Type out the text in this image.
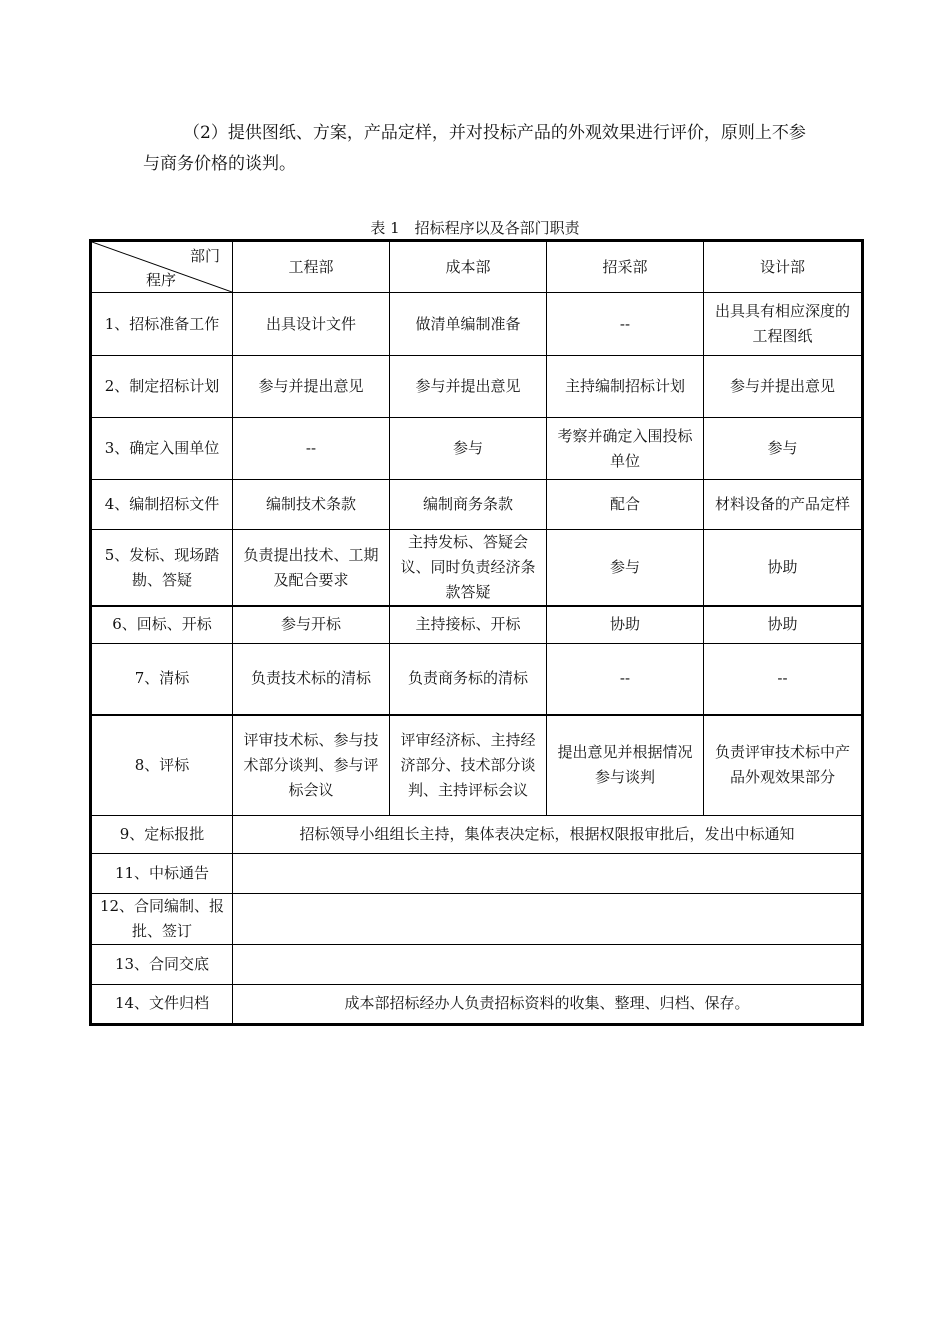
（2）提供图纸、方案，产品定样，并对投标产品的外观效果进行评价，原则上不参与商务价格的谈判。
表 1　招标程序以及各部门职责
部门
程序	工程部	成本部	招采部	设计部
1、招标准备工作	出具设计文件	做清单编制准备	--	出具具有相应深度的工程图纸
2、制定招标计划	参与并提出意见	参与并提出意见	主持编制招标计划	参与并提出意见
3、确定入围单位	--	参与	考察并确定入围投标单位	参与
4、编制招标文件	编制技术条款	编制商务条款	配合	材料设备的产品定样
5、发标、现场踏勘、答疑	负责提出技术、工期及配合要求	主持发标、答疑会议、同时负责经济条款答疑	参与	协助
6、回标、开标	参与开标	主持接标、开标	协助	协助
7、清标	负责技术标的清标	负责商务标的清标	--	--
8、评标	评审技术标、参与技术部分谈判、参与评标会议	评审经济标、主持经济部分、技术部分谈判、主持评标会议	提出意见并根据情况参与谈判	负责评审技术标中产品外观效果部分
9、定标报批	招标领导小组组长主持，集体表决定标，根据权限报审批后，发出中标通知			
11、中标通告				
12、合同编制、报批、签订				
13、合同交底				
14、文件归档	成本部招标经办人负责招标资料的收集、整理、归档、保存。			
